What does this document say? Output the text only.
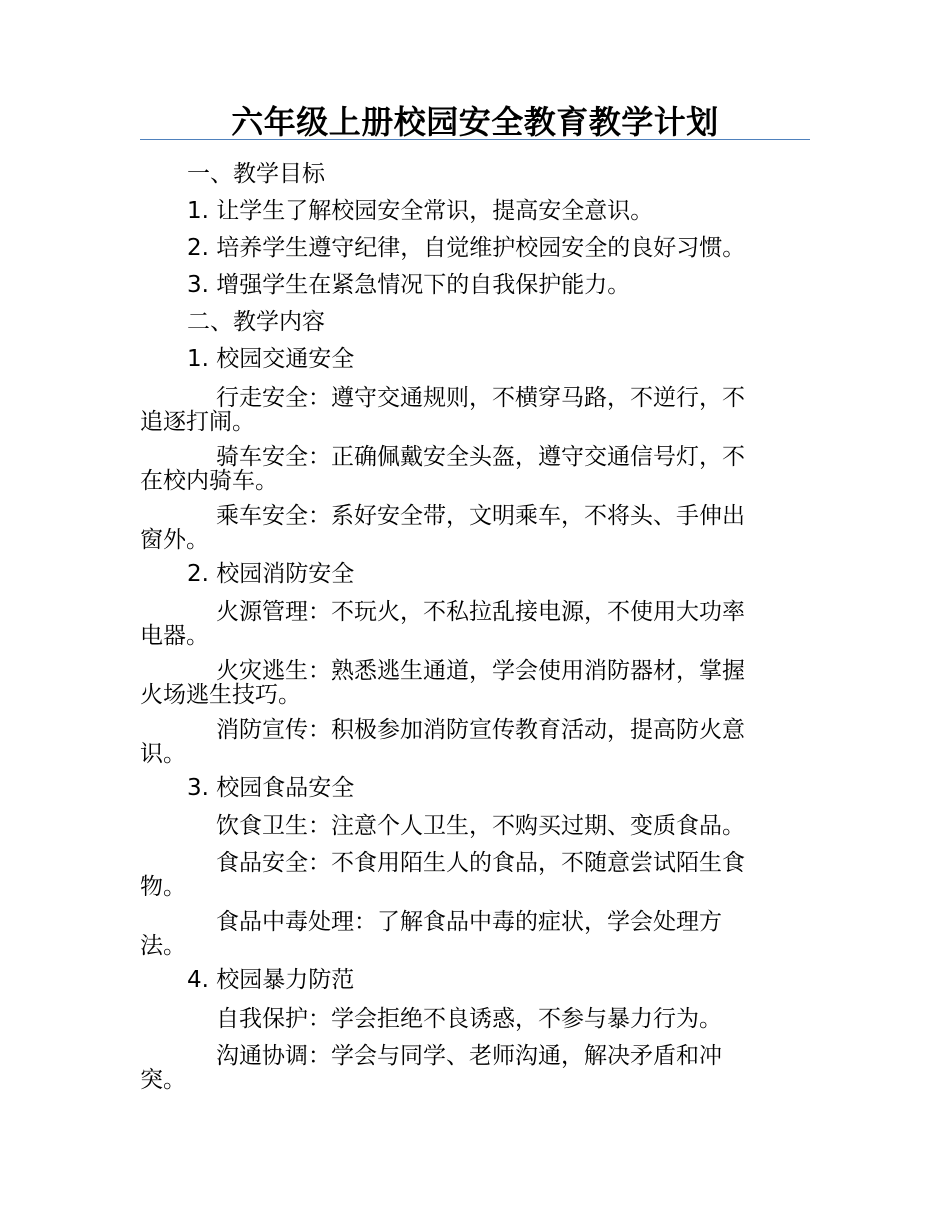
六年级上册校园安全教育教学计划

一、教学目标

1. 让学生了解校园安全常识，提高安全意识。

2. 培养学生遵守纪律，自觉维护校园安全的良好习惯。

3. 增强学生在紧急情况下的自我保护能力。

二、教学内容

1. 校园交通安全

行走安全：遵守交通规则，不横穿马路，不逆行，不
追逐打闹。
骑车安全：正确佩戴安全头盔，遵守交通信号灯，不
在校内骑车。
乘车安全：系好安全带，文明乘车，不将头、手伸出
窗外。

2. 校园消防安全

火源管理：不玩火，不私拉乱接电源，不使用大功率
电器。
火灾逃生：熟悉逃生通道，学会使用消防器材，掌握
火场逃生技巧。
消防宣传：积极参加消防宣传教育活动，提高防火意
识。

3. 校园食品安全

饮食卫生：注意个人卫生，不购买过期、变质食品。
食品安全：不食用陌生人的食品，不随意尝试陌生食
物。
食品中毒处理：了解食品中毒的症状，学会处理方
法。

4. 校园暴力防范

自我保护：学会拒绝不良诱惑，不参与暴力行为。
沟通协调：学会与同学、老师沟通，解决矛盾和冲
突。
